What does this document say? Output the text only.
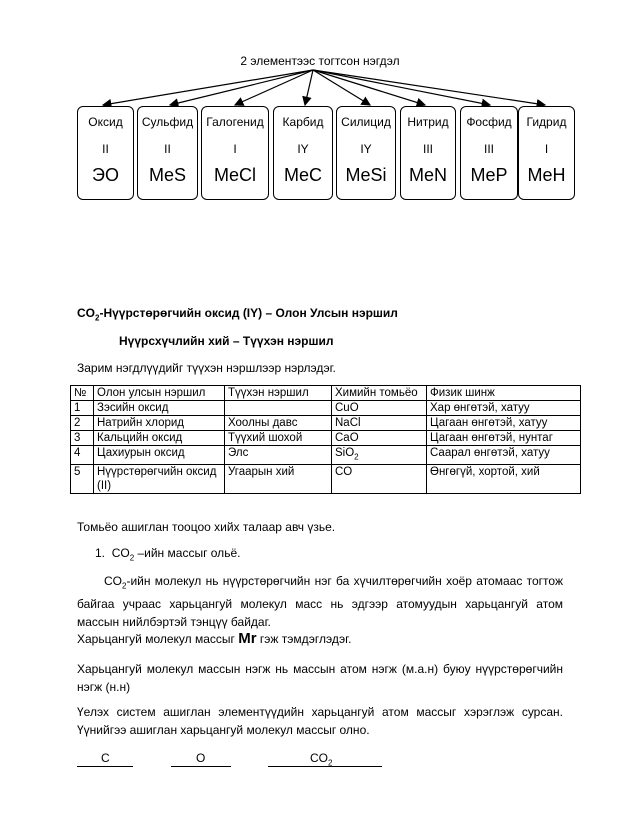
2 элементээс тогтсон нэгдэл
Оксид
II
ЭО
Сульфид
II
MeS
Галогенид
I
MeCl
Карбид
IY
MeC
Силицид
IY
MeSi
Нитрид
III
MeN
Фосфид
III
MeP
Гидрид
I
MeH
$CO_2$-Нүүрстөрөгчийн оксид (IY) – Олон Улсын нэршил
Нүүрсхүчлийн хий – Түүхэн нэршил
Зарим нэгдлүүдийг түүхэн нэршлээр нэрлэдэг.
№	Олон улсын нэршил	Түүхэн нэршил	Химийн томьёо	Физик шинж
1	Зэсийн оксид		CuO	Хар өнгөтэй, хатуу
2	Натрийн хлорид	Хоолны давс	NaCl	Цагаан өнгөтэй, хатуу
3	Кальцийн оксид	Түүхий шохой	CaO	Цагаан өнгөтэй, нунтаг
4	Цахиурын оксид	Элс	SiO$_2$	Саарал өнгөтэй, хатуу
5	Нүүрстөрөгчийн оксид (II)	Угаарын хий	CO	Өнгөгүй, хортой, хий
Томьёо ашиглан тооцоо хийх талаар авч үзье.
1. $CO_2$ –ийн массыг ольё.
$CO_2$-ийн молекул нь нүүрстөрөгчийн нэг ба хүчилтөрөгчийн хоёр атомаас тогтож байгаа учраас харьцангуй молекул масс нь эдгээр атомуудын харьцангуй атом массын нийлбэртэй тэнцүү байдаг.
Харьцангуй молекул массыг Mr гэж тэмдэглэдэг.
Харьцангуй молекул массын нэгж нь массын атом нэгж (м.а.н) буюу нүүрстөрөгчийн нэгж (н.н)
Үелэх систем ашиглан элементүүдийн харьцангуй атом массыг хэрэглэж сурсан. Үүнийгээ ашиглан харьцангуй молекул массыг олно.
C	O	$CO_2$
